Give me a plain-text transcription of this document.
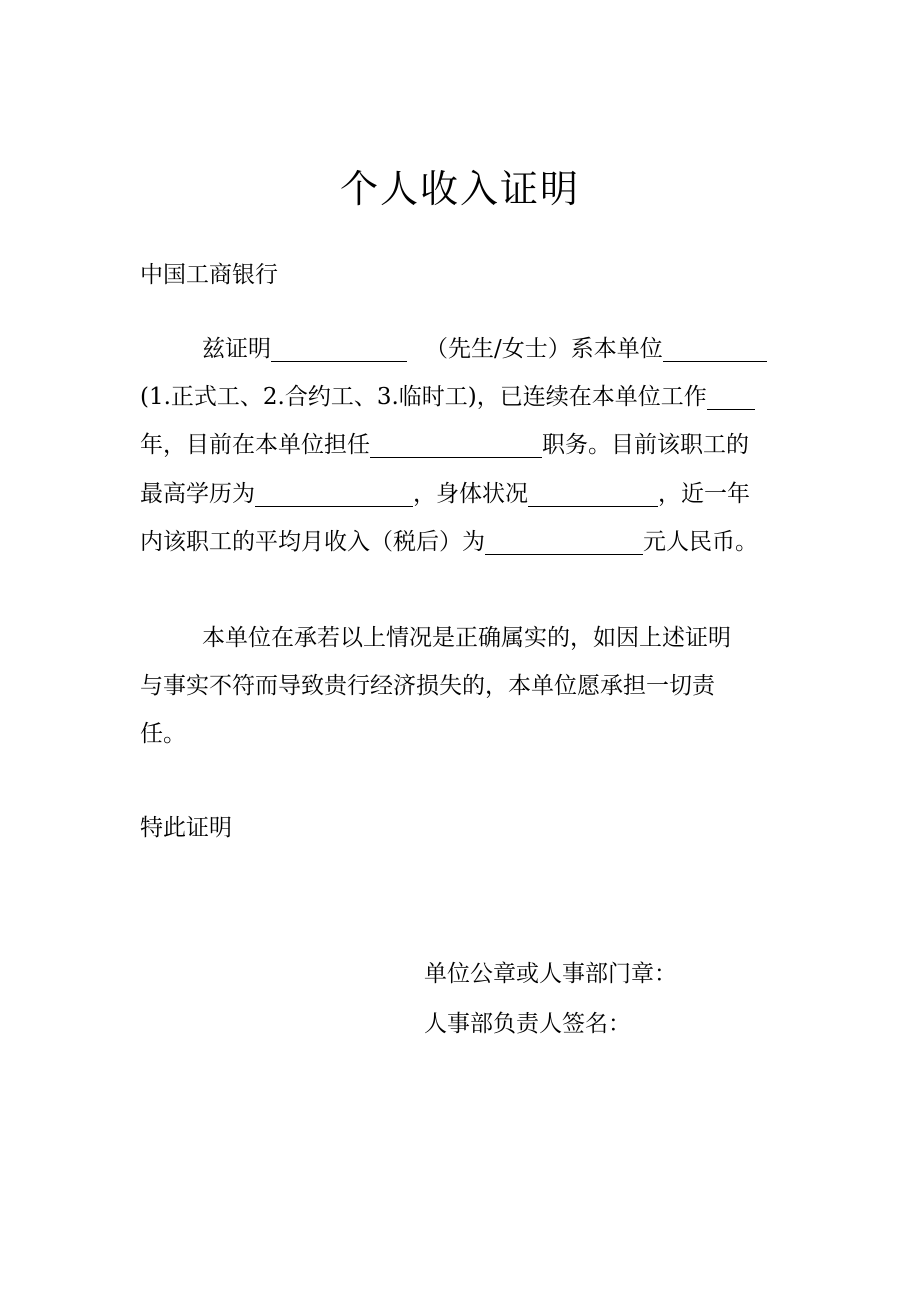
个人收入证明
中国工商银行
兹证明	（先生/女士）系本单位
(1.正式工、2.合约工、3.临时工)，已连续在本单位工作
年，目前在本单位担任	职务。目前该职工的
最高学历为	，身体状况	，近一年
内该职工的平均月收入（税后）为	元人民币。
本单位在承若以上情况是正确属实的，如因上述证明
与事实不符而导致贵行经济损失的，本单位愿承担一切责
任。
特此证明
单位公章或人事部门章：
人事部负责人签名：
